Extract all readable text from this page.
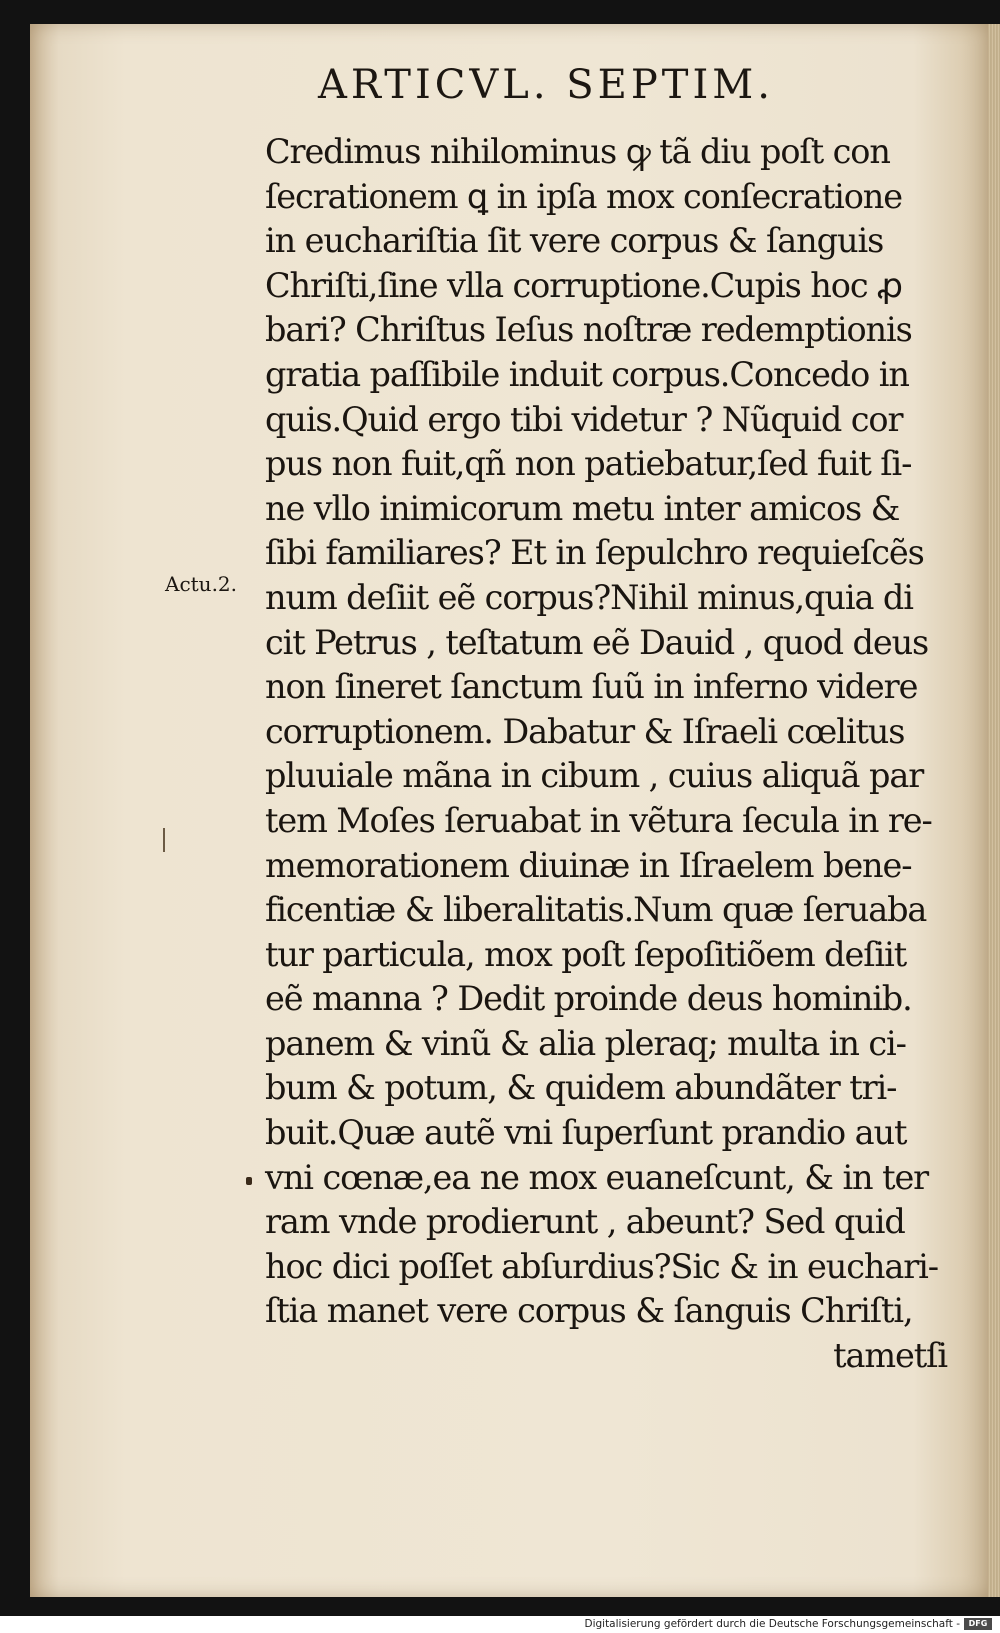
ARTICVL. SEPTIM.
Actu.2.
Credimus nihilominus ꝙ tã diu poſt con
ſecrationem ꝗ in ipſa mox conſecratione
in euchariſtia ſit vere corpus & ſanguis
Chriſti,ſine vlla corruptione.Cupis hoc ꝓ
bari? Chriſtus Ieſus noſtræ redemptionis
gratia paſſibile induit corpus.Concedo in
quis.Quid ergo tibi videtur ? Nũquid cor
pus non fuit,qñ non patiebatur,ſed fuit ſi-
ne vllo inimicorum metu inter amicos &
ſibi familiares? Et in ſepulchro requieſcẽs
num deſiit eẽ corpus?Nihil minus,quia di
cit Petrus , teſtatum eẽ Dauid , quod deus
non ſineret ſanctum ſuũ in inferno videre
corruptionem. Dabatur & Iſraeli cœlitus
pluuiale mãna in cibum , cuius aliquã par
tem Moſes ſeruabat in vẽtura ſecula in re-
memorationem diuinæ in Iſraelem bene-
ficentiæ & liberalitatis.Num quæ ſeruaba
tur particula, mox poſt ſepoſitiõem deſiit
eẽ manna ? Dedit proinde deus hominib.
panem & vinũ & alia pleraq; multa in ci-
bum & potum, & quidem abundãter tri-
buit.Quæ autẽ vni ſuperſunt prandio aut
vni cœnæ,ea ne mox euaneſcunt, & in ter
ram vnde prodierunt , abeunt? Sed quid
hoc dici poſſet abſurdius?Sic & in euchari-
ſtia manet vere corpus & ſanguis Chriſti,
tametſi
Digitalisierung gefördert durch die Deutsche Forschungsgemeinschaft -	DFG
